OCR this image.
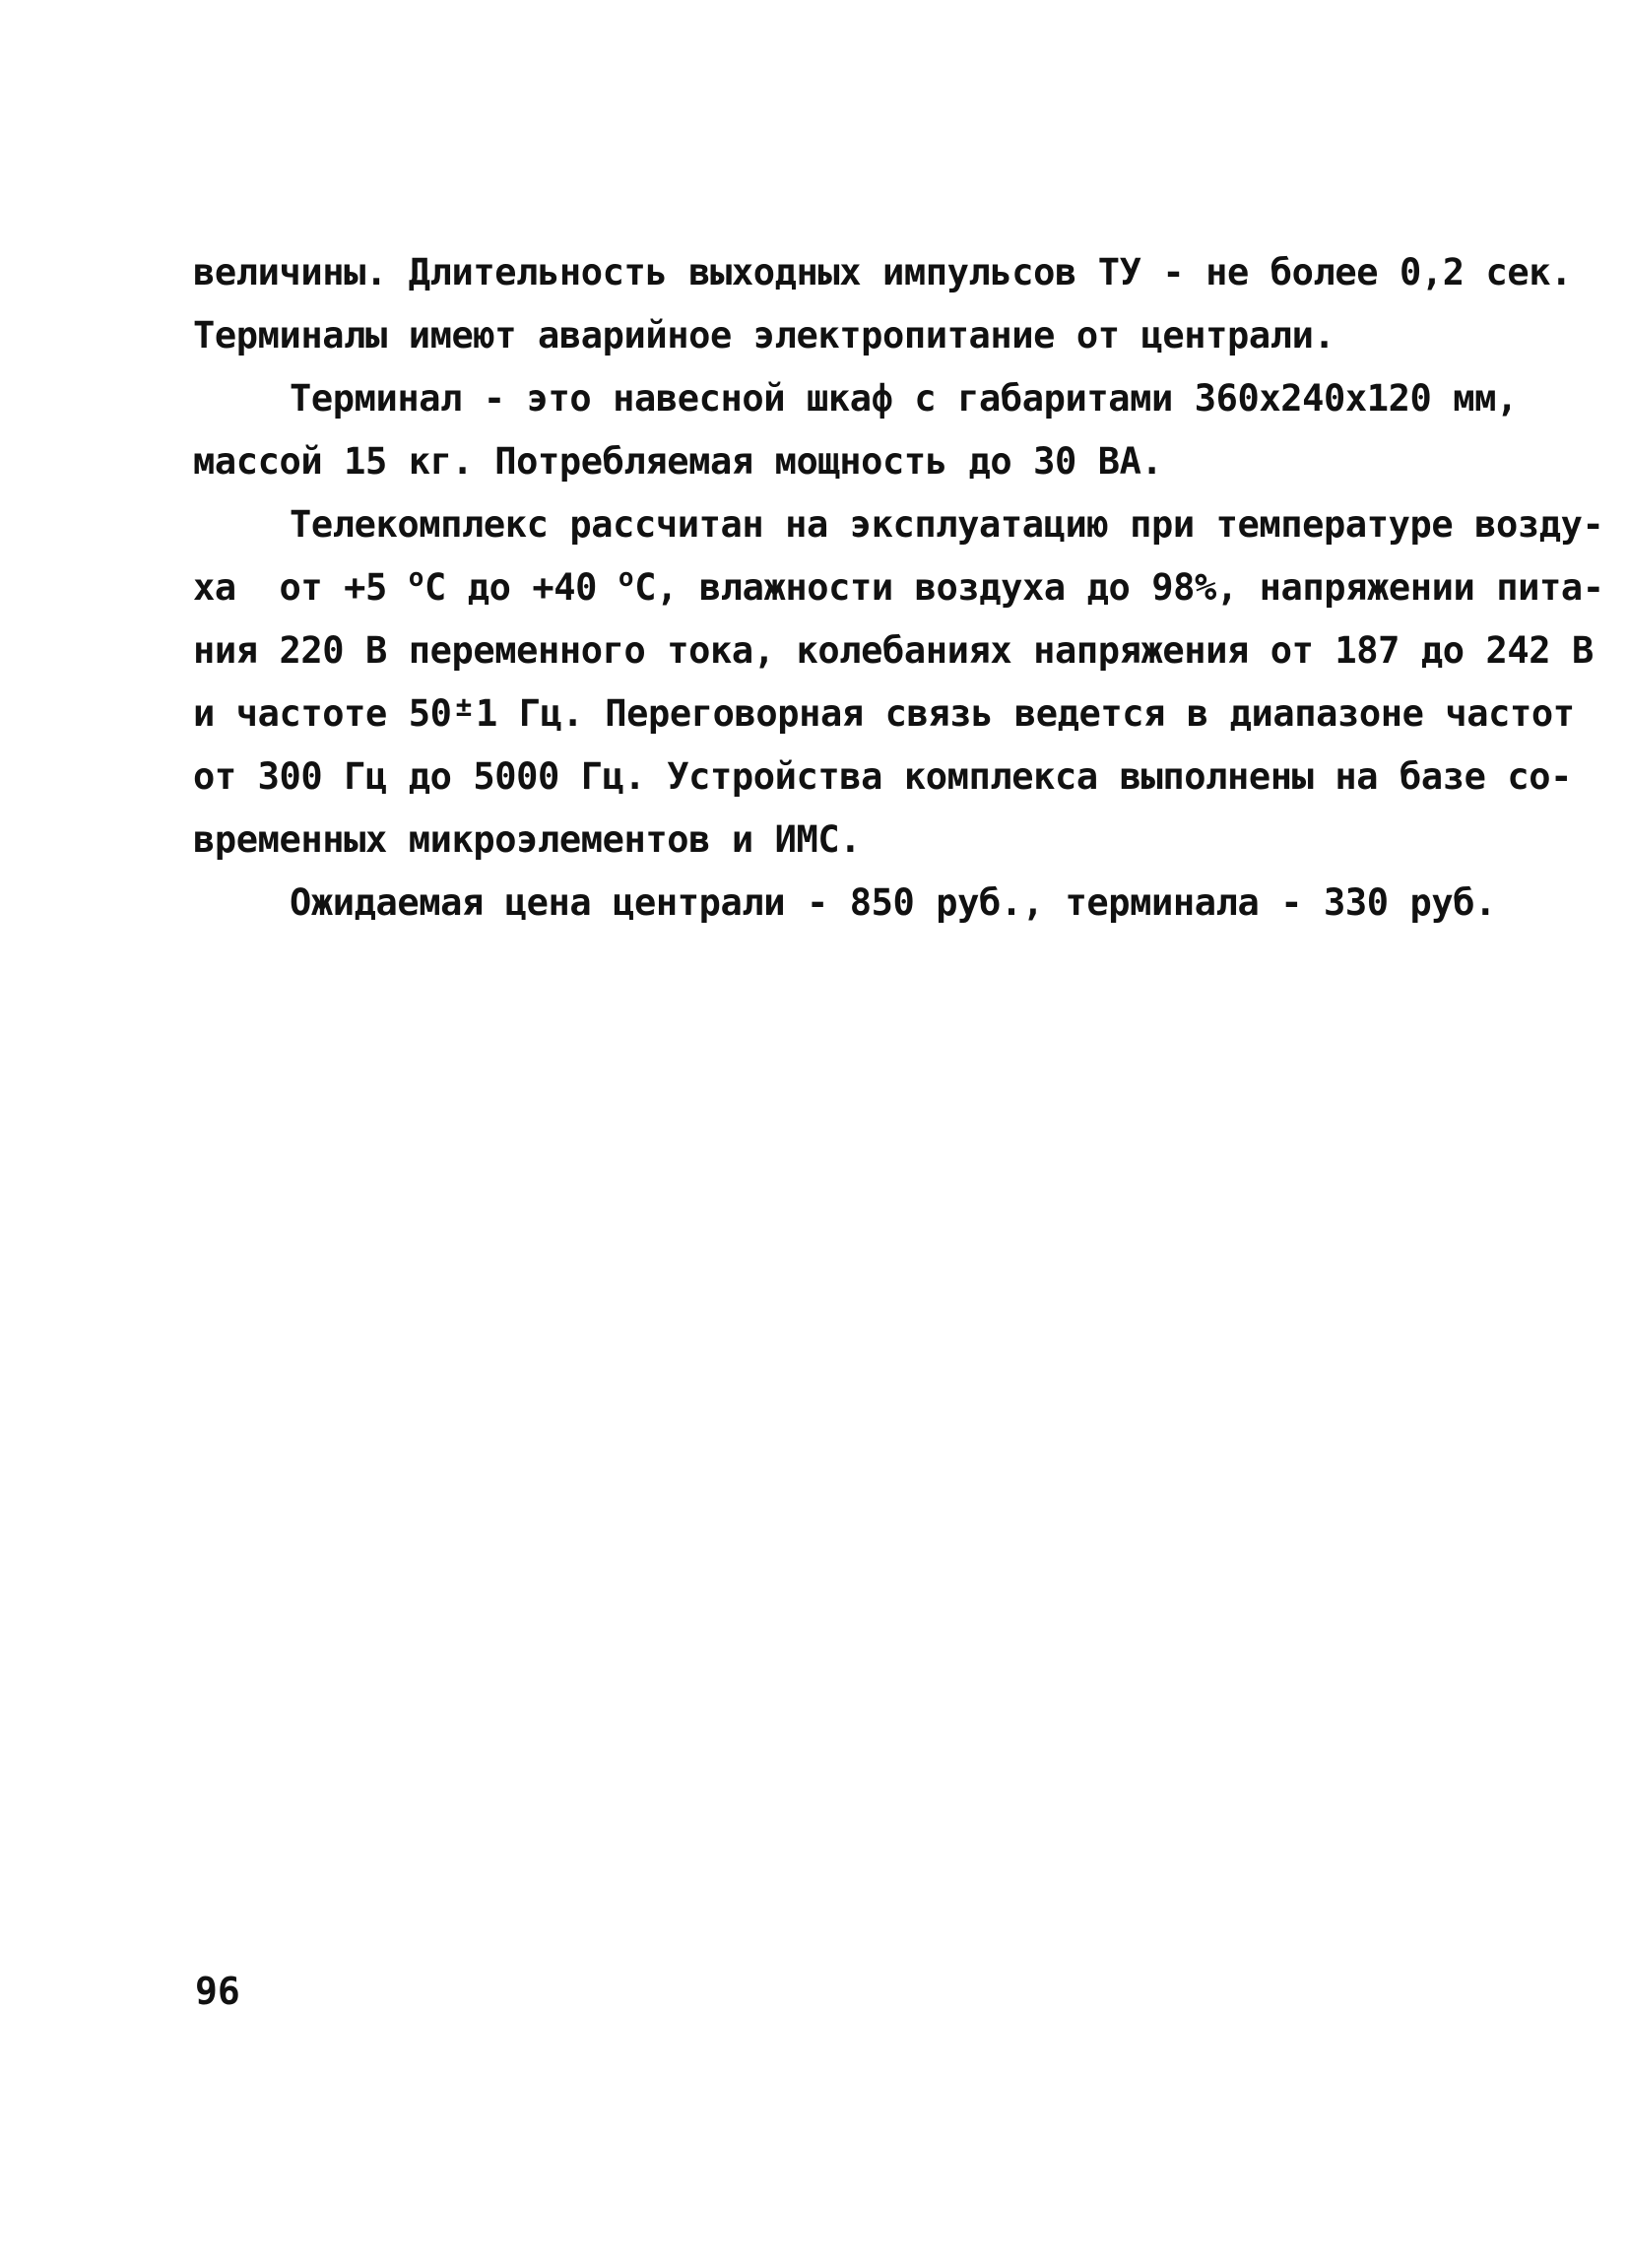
величины. Длительность выходных импульсов ТУ - не более 0,2 сек.
Терминалы имеют аварийное электропитание от централи.
Терминал - это навесной шкаф с габаритами 360х240х120 мм,
массой 15 кг. Потребляемая мощность до 30 ВА.
Телекомплекс рассчитан на эксплуатацию при температуре возду-
ха  от +5 $^о$С до +40 $^о$С, влажности воздуха до 98%, напряжении пита-
ния 220 В переменного тока, колебаниях напряжения от 187 до 242 В
и частоте 50 ± 1 Гц. Переговорная связь ведется в диапазоне частот
от 300 Гц до 5000 Гц. Устройства комплекса выполнены на базе со-
временных микроэлементов и ИМС.
Ожидаемая цена централи - 850 руб., терминала - 330 руб.
96
